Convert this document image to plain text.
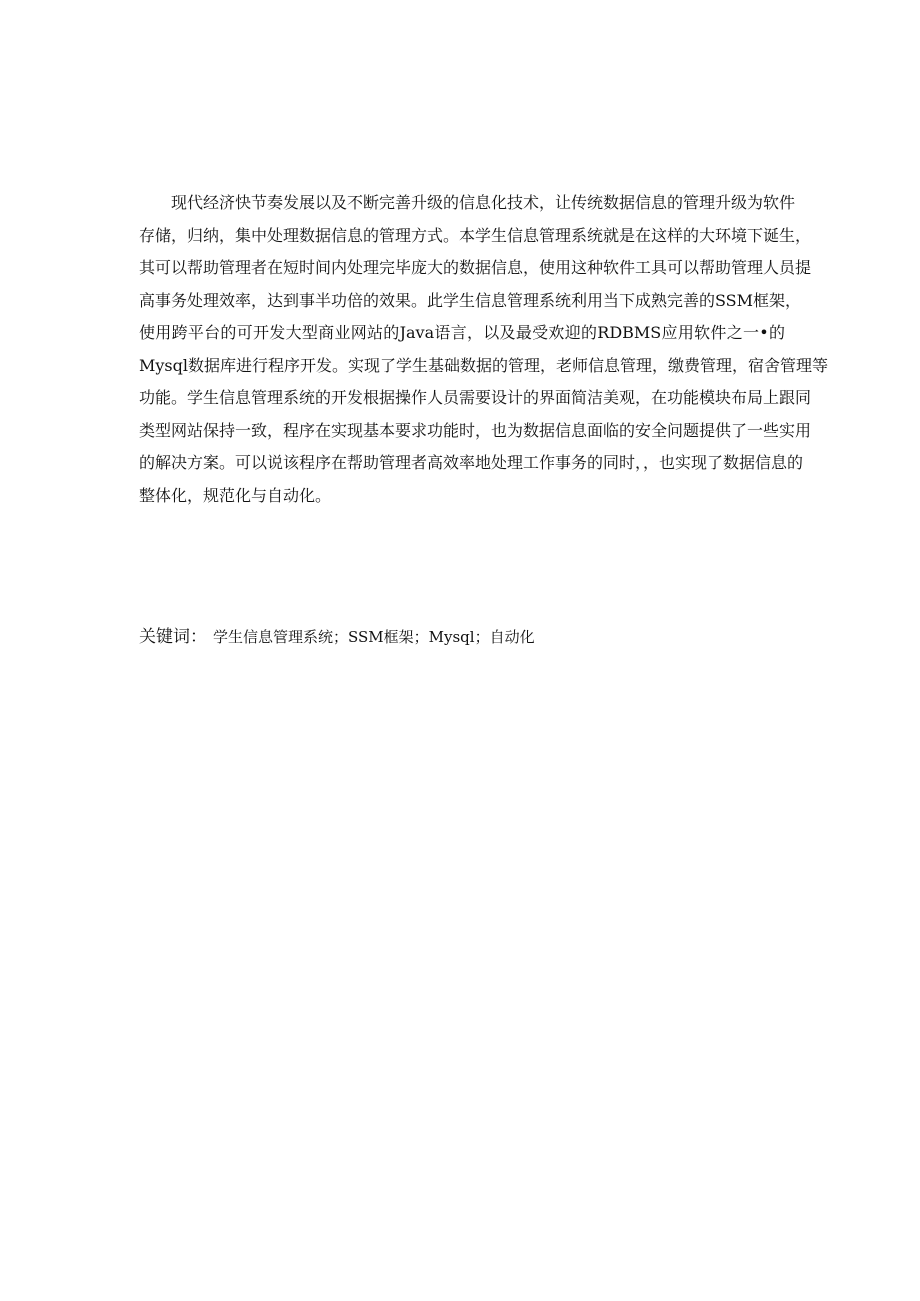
现代经济快节奏发展以及不断完善升级的信息化技术，让传统数据信息的管理升级为软件
存储，归纳，集中处理数据信息的管理方式。本学生信息管理系统就是在这样的大环境下诞生，
其可以帮助管理者在短时间内处理完毕庞大的数据信息，使用这种软件工具可以帮助管理人员提
高事务处理效率，达到事半功倍的效果。此学生信息管理系统利用当下成熟完善的SSM框架，
使用跨平台的可开发大型商业网站的Java语言，以及最受欢迎的RDBMS应用软件之一•的
Mysql数据库进行程序开发。实现了学生基础数据的管理，老师信息管理，缴费管理，宿舍管理等
功能。学生信息管理系统的开发根据操作人员需要设计的界面简洁美观，在功能模块布局上跟同
类型网站保持一致，程序在实现基本要求功能时，也为数据信息面临的安全问题提供了一些实用
的解决方案。可以说该程序在帮助管理者高效率地处理工作事务的同时，，也实现了数据信息的
整体化，规范化与自动化。

关键词： 学生信息管理系统；SSM框架；Mysql；自动化
